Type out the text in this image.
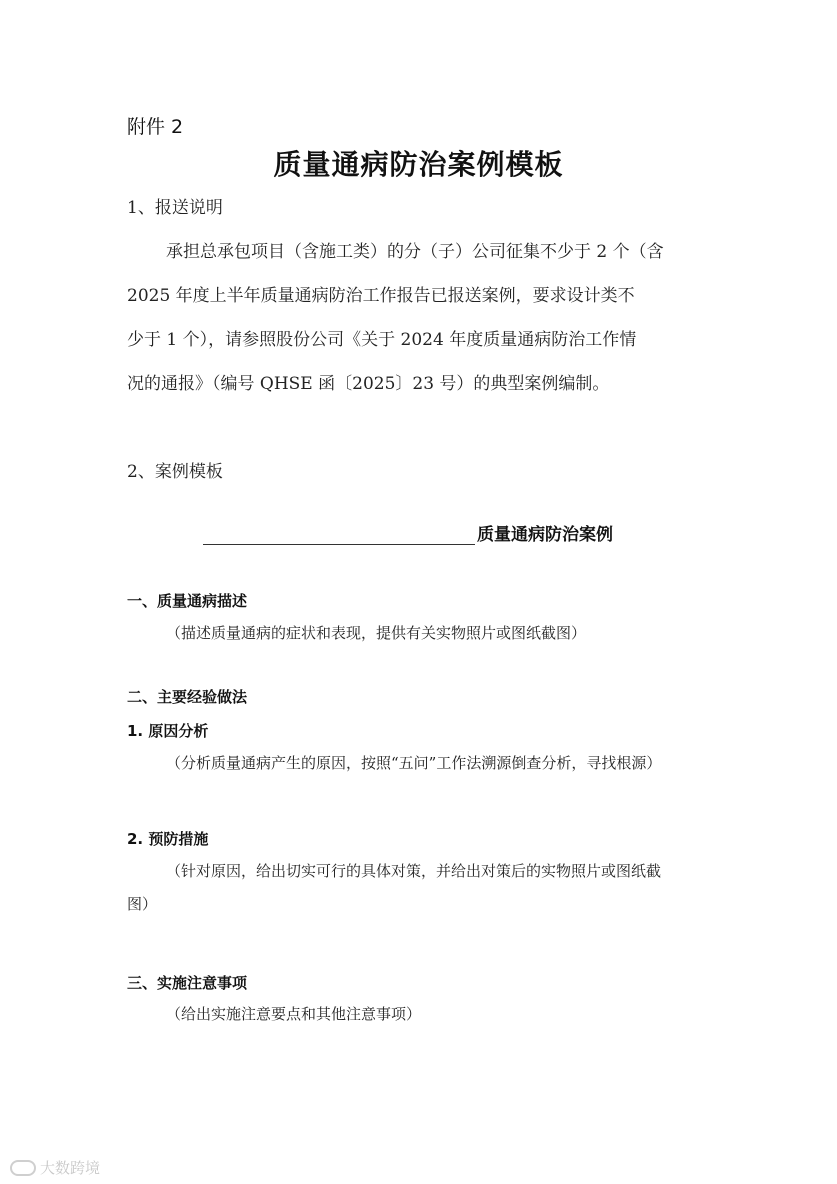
附件 2
质量通病防治案例模板
1、报送说明
承担总承包项目（含施工类）的分（子）公司征集不少于 2 个（含
2025 年度上半年质量通病防治工作报告已报送案例，要求设计类不
少于 1 个），请参照股份公司《关于 2024 年度质量通病防治工作情
况的通报》（编号 QHSE 函〔2025〕23 号）的典型案例编制。
2、案例模板
质量通病防治案例
一、质量通病描述
（描述质量通病的症状和表现，提供有关实物照片或图纸截图）
二、主要经验做法
1. 原因分析
（分析质量通病产生的原因，按照“五问”工作法溯源倒查分析，寻找根源）
2. 预防措施
（针对原因，给出切实可行的具体对策，并给出对策后的实物照片或图纸截
图）
三、实施注意事项
（给出实施注意要点和其他注意事项）
大数跨境
